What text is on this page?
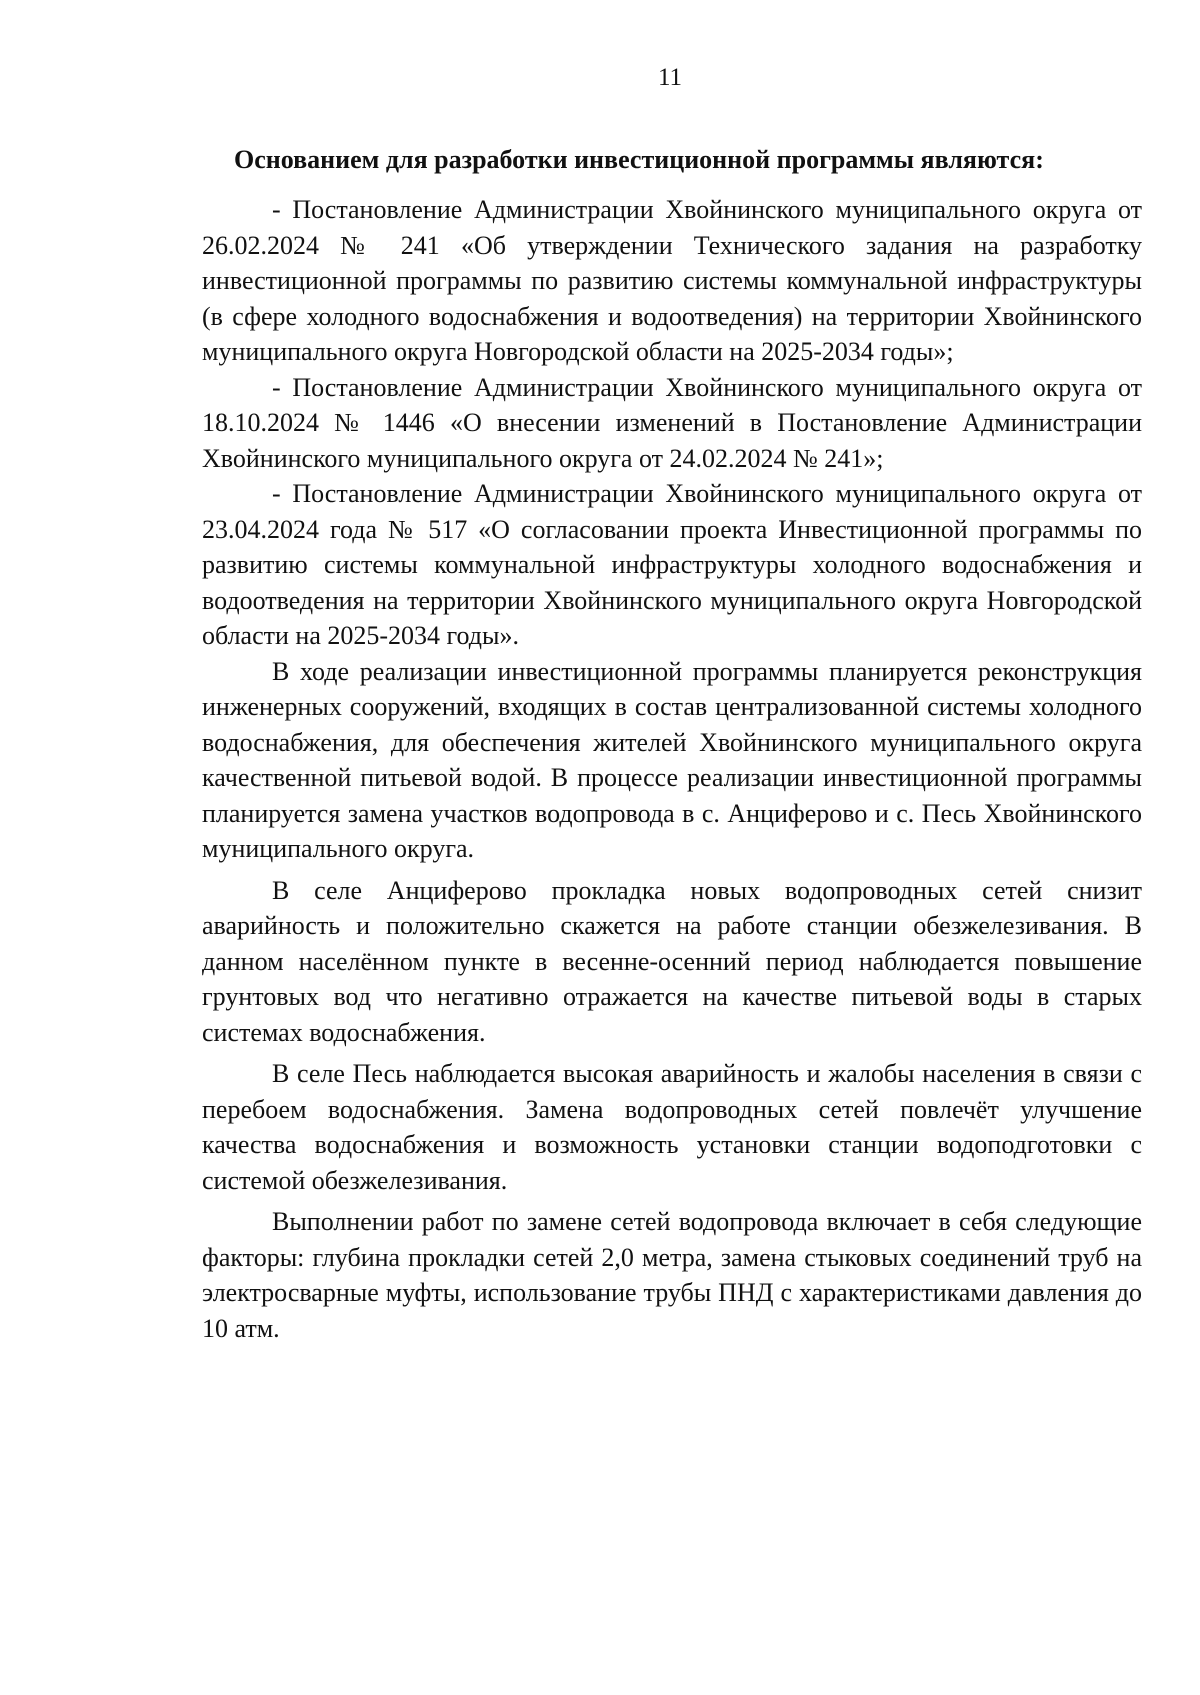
11
Основанием для разработки инвестиционной программы являются:

- Постановление Администрации Хвойнинского муниципального округа от 26.02.2024 № 241 «Об утверждении Технического задания на разработку инвестиционной программы по развитию системы коммунальной инфраструктуры (в сфере холодного водоснабжения и водоотведения) на территории Хвойнинского муниципального округа Новгородской области на 2025-2034 годы»;

- Постановление Администрации Хвойнинского муниципального округа от 18.10.2024 № 1446 «О внесении изменений в Постановление Администрации Хвойнинского муниципального округа от 24.02.2024 № 241»;

- Постановление Администрации Хвойнинского муниципального округа от 23.04.2024 года № 517 «О согласовании проекта Инвестиционной программы по развитию системы коммунальной инфраструктуры холодного водоснабжения и водоотведения на территории Хвойнинского муниципального округа Новгородской области на 2025-2034 годы».

В ходе реализации инвестиционной программы планируется реконструкция инженерных сооружений, входящих в состав централизованной системы холодного водоснабжения, для обеспечения жителей Хвойнинского муниципального округа качественной питьевой водой. В процессе реализации инвестиционной программы планируется замена участков водопровода в с. Анциферово и с. Песь Хвойнинского муниципального округа.

В селе Анциферово прокладка новых водопроводных сетей снизит аварийность и положительно скажется на работе станции обезжелезивания. В данном населённом пункте в весенне-осенний период наблюдается повышение грунтовых вод что негативно отражается на качестве питьевой воды в старых системах водоснабжения.

В селе Песь наблюдается высокая аварийность и жалобы населения в связи с перебоем водоснабжения. Замена водопроводных сетей повлечёт улучшение качества водоснабжения и возможность установки станции водоподготовки с системой обезжелезивания.

Выполнении работ по замене сетей водопровода включает в себя следующие факторы: глубина прокладки сетей 2,0 метра, замена стыковых соединений труб на электросварные муфты, использование трубы ПНД с характеристиками давления до 10 атм.
